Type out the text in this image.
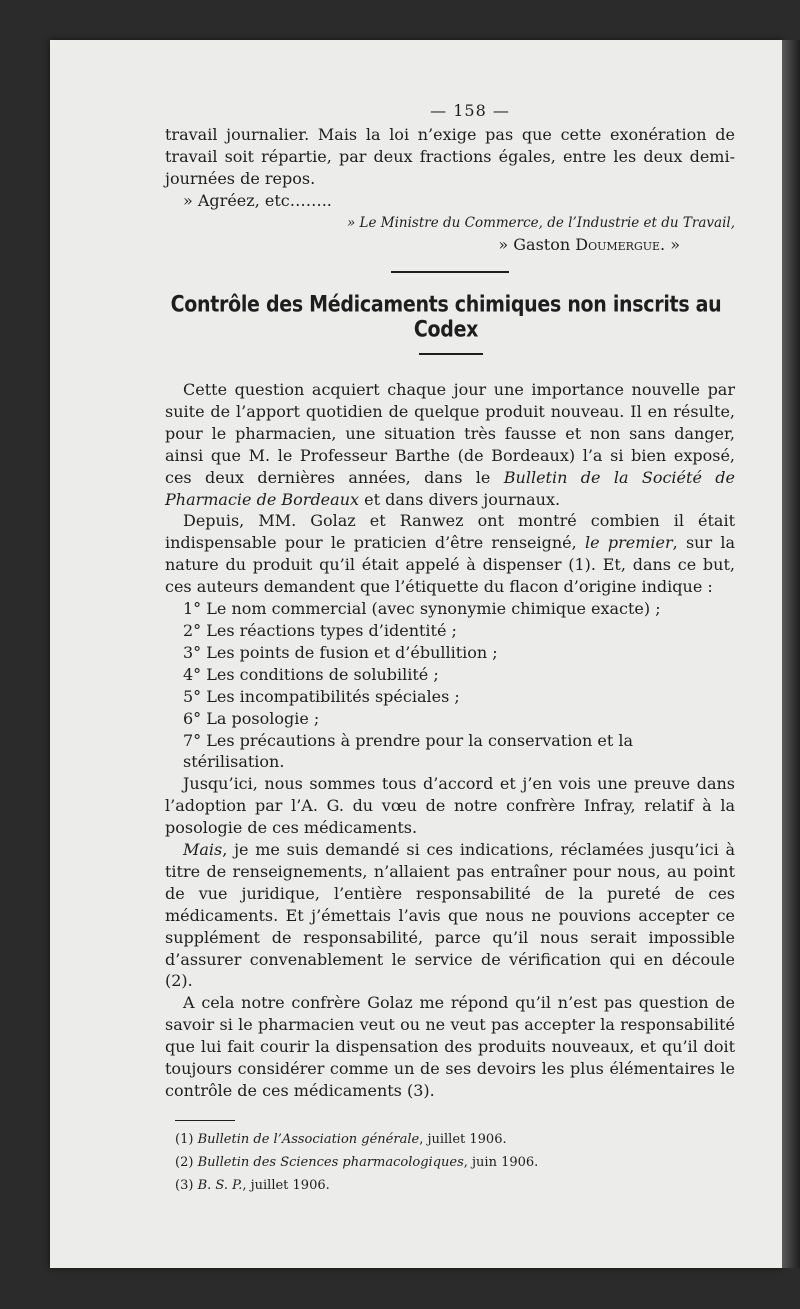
— 158 —

travail journalier. Mais la loi n’exige pas que cette exonération de travail soit répartie, par deux fractions égales, entre les deux demi-journées de repos.

» Agréez, etc……..

» Le Ministre du Commerce, de l’Industrie et du Travail,

» Gaston Doumergue. »

Contrôle des Médicaments chimiques non inscrits au Codex

Cette question acquiert chaque jour une importance nouvelle par suite de l’apport quotidien de quelque produit nouveau. Il en résulte, pour le pharmacien, une situation très fausse et non sans danger, ainsi que M. le Professeur Barthe (de Bordeaux) l’a si bien exposé, ces deux dernières années, dans le Bulletin de la Société de Pharmacie de Bordeaux et dans divers journaux.

Depuis, MM. Golaz et Ranwez ont montré combien il était indispensable pour le praticien d’être renseigné, le premier, sur la nature du produit qu’il était appelé à dispenser (1). Et, dans ce but, ces auteurs demandent que l’étiquette du flacon d’origine indique :

1° Le nom commercial (avec synonymie chimique exacte) ;

2° Les réactions types d’identité ;

3° Les points de fusion et d’ébullition ;

4° Les conditions de solubilité ;

5° Les incompatibilités spéciales ;

6° La posologie ;

7° Les précautions à prendre pour la conservation et la stérilisation.

Jusqu’ici, nous sommes tous d’accord et j’en vois une preuve dans l’adoption par l’A. G. du vœu de notre confrère Infray, relatif à la posologie de ces médicaments.

Mais, je me suis demandé si ces indications, réclamées jusqu’ici à titre de renseignements, n’allaient pas entraîner pour nous, au point de vue juridique, l’entière responsabilité de la pureté de ces médicaments. Et j’émettais l’avis que nous ne pouvions accepter ce supplément de responsabilité, parce qu’il nous serait impossible d’assurer convenablement le service de vérification qui en découle (2).

A cela notre confrère Golaz me répond qu’il n’est pas question de savoir si le pharmacien veut ou ne veut pas accepter la responsabilité que lui fait courir la dispensation des produits nouveaux, et qu’il doit toujours considérer comme un de ses devoirs les plus élémentaires le contrôle de ces médicaments (3).

(1) Bulletin de l’Association générale, juillet 1906.
(2) Bulletin des Sciences pharmacologiques, juin 1906.
(3) B. S. P., juillet 1906.
